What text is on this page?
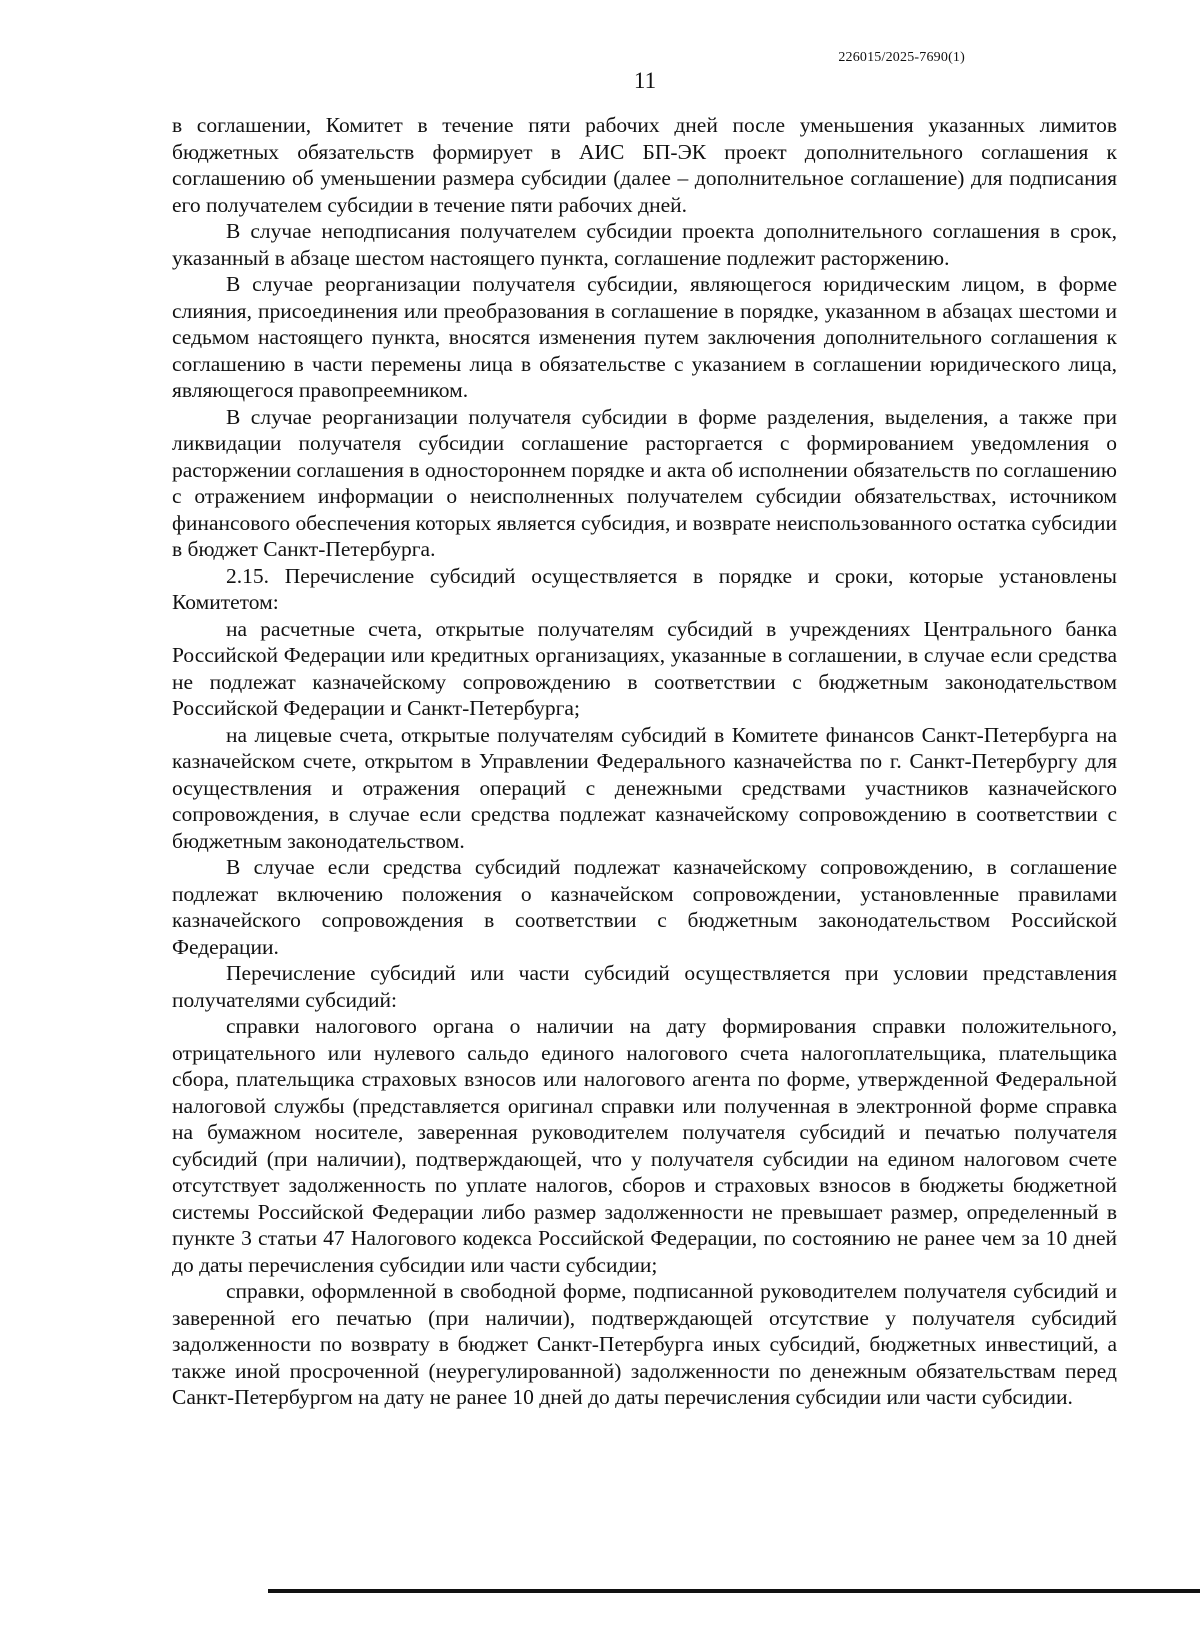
226015/2025-7690(1)
11

в соглашении, Комитет в течение пяти рабочих дней после уменьшения указанных лимитов бюджетных обязательств формирует в АИС БП-ЭК проект дополнительного соглашения к соглашению об уменьшении размера субсидии (далее – дополнительное соглашение) для подписания его получателем субсидии в течение пяти рабочих дней.

В случае неподписания получателем субсидии проекта дополнительного соглашения в срок, указанный в абзаце шестом настоящего пункта, соглашение подлежит расторжению.

В случае реорганизации получателя субсидии, являющегося юридическим лицом, в форме слияния, присоединения или преобразования в соглашение в порядке, указанном в абзацах шестоми и седьмом настоящего пункта, вносятся изменения путем заключения дополнительного соглашения к соглашению в части перемены лица в обязательстве с указанием в соглашении юридического лица, являющегося правопреемником.

В случае реорганизации получателя субсидии в форме разделения, выделения, а также при ликвидации получателя субсидии соглашение расторгается с формированием уведомления о расторжении соглашения в одностороннем порядке и акта об исполнении обязательств по соглашению с отражением информации о неисполненных получателем субсидии обязательствах, источником финансового обеспечения которых является субсидия, и возврате неиспользованного остатка субсидии в бюджет Санкт-Петербурга.

2.15. Перечисление субсидий осуществляется в порядке и сроки, которые установлены Комитетом:

на расчетные счета, открытые получателям субсидий в учреждениях Центрального банка Российской Федерации или кредитных организациях, указанные в соглашении, в случае если средства не подлежат казначейскому сопровождению в соответствии с бюджетным законодательством Российской Федерации и Санкт-Петербурга;

на лицевые счета, открытые получателям субсидий в Комитете финансов Санкт-Петербурга на казначейском счете, открытом в Управлении Федерального казначейства по г. Санкт-Петербургу для осуществления и отражения операций с денежными средствами участников казначейского сопровождения, в случае если средства подлежат казначейскому сопровождению в соответствии с бюджетным законодательством.

В случае если средства субсидий подлежат казначейскому сопровождению, в соглашение подлежат включению положения о казначейском сопровождении, установленные правилами казначейского сопровождения в соответствии с бюджетным законодательством Российской Федерации.

Перечисление субсидий или части субсидий осуществляется при условии представления получателями субсидий:

справки налогового органа о наличии на дату формирования справки положительного, отрицательного или нулевого сальдо единого налогового счета налогоплательщика, плательщика сбора, плательщика страховых взносов или налогового агента по форме, утвержденной Федеральной налоговой службы (представляется оригинал справки или полученная в электронной форме справка на бумажном носителе, заверенная руководителем получателя субсидий и печатью получателя субсидий (при наличии), подтверждающей, что у получателя субсидии на едином налоговом счете отсутствует задолженность по уплате налогов, сборов и страховых взносов в бюджеты бюджетной системы Российской Федерации либо размер задолженности не превышает размер, определенный в пункте 3 статьи 47 Налогового кодекса Российской Федерации, по состоянию не ранее чем за 10 дней до даты перечисления субсидии или части субсидии;

справки, оформленной в свободной форме, подписанной руководителем получателя субсидий и заверенной его печатью (при наличии), подтверждающей отсутствие у получателя субсидий задолженности по возврату в бюджет Санкт-Петербурга иных субсидий, бюджетных инвестиций, а также иной просроченной (неурегулированной) задолженности по денежным обязательствам перед Санкт-Петербургом на дату не ранее 10 дней до даты перечисления субсидии или части субсидии.
